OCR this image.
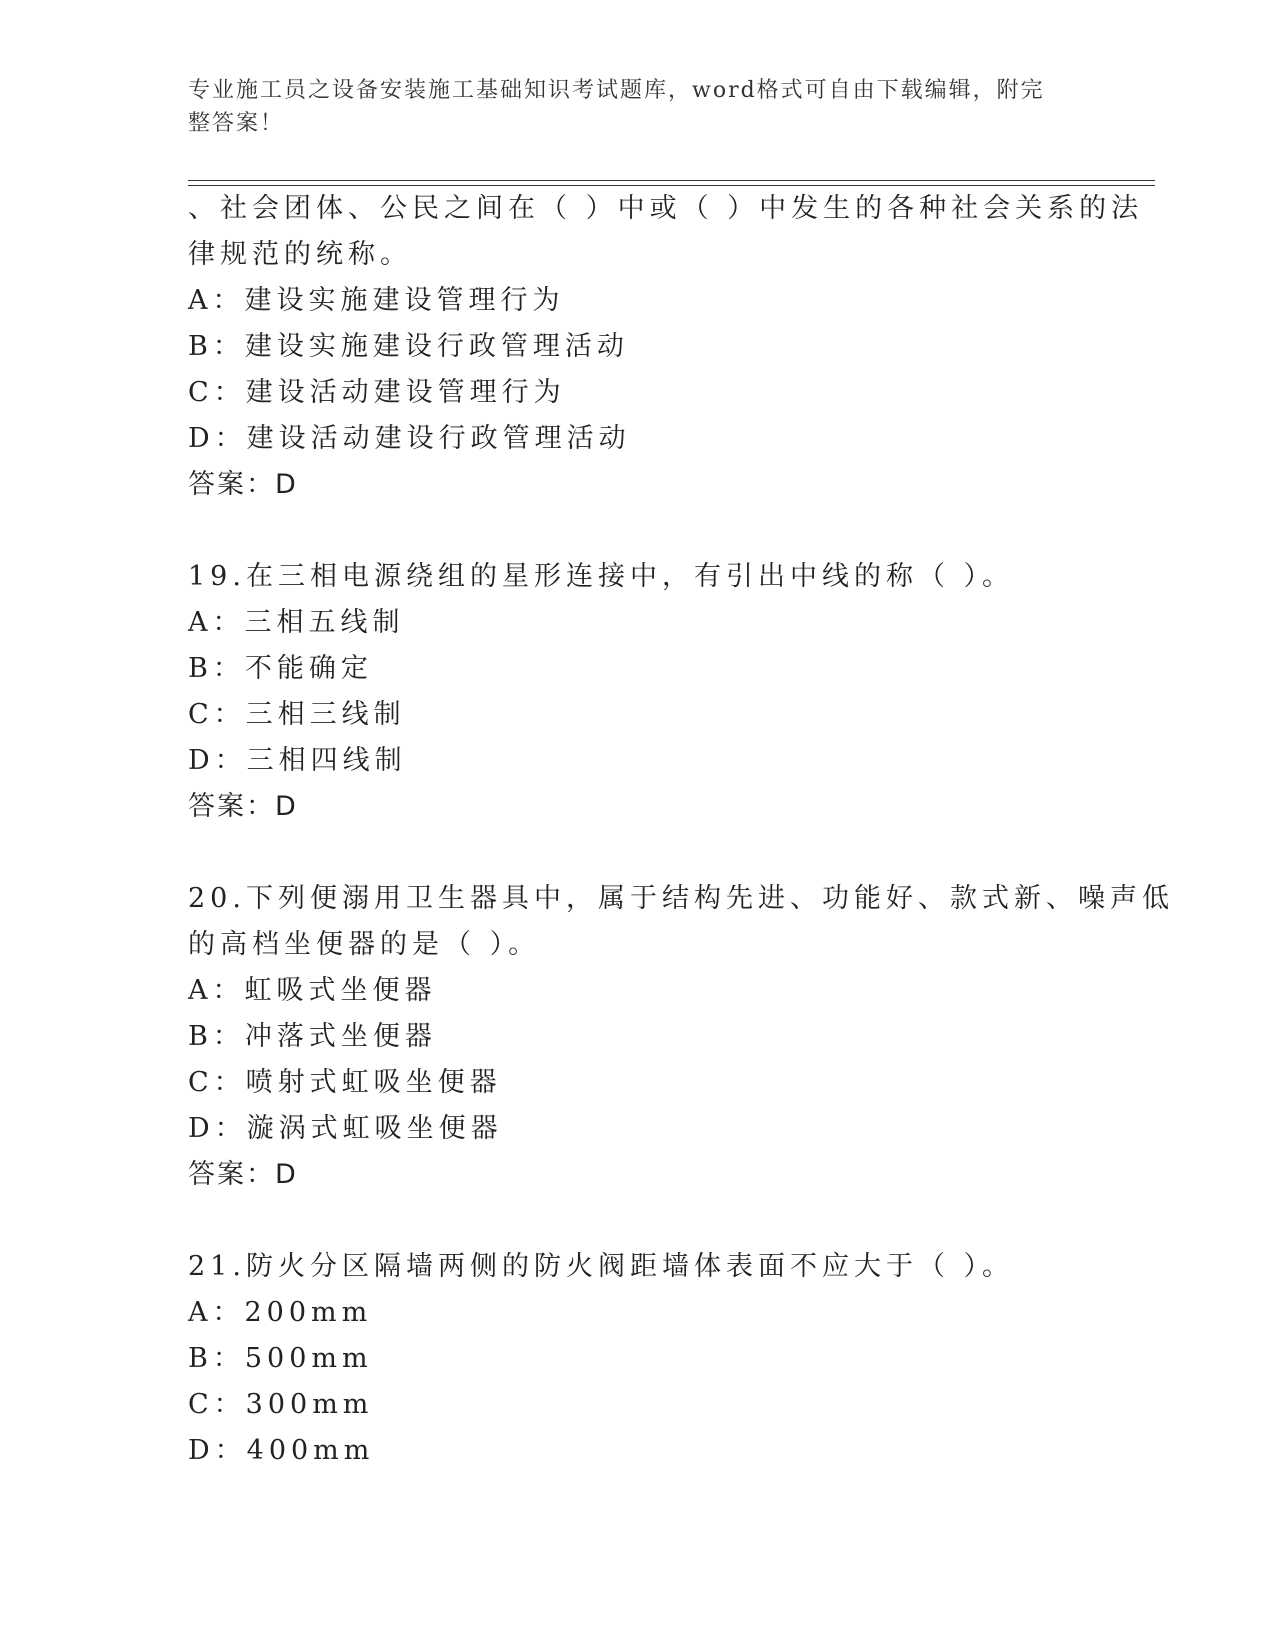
专业施工员之设备安装施工基础知识考试题库，word格式可自由下载编辑，附完
整答案！
、社会团体、公民之间在（ ）中或（ ）中发生的各种社会关系的法
律规范的统称。
A：建设实施建设管理行为
B：建设实施建设行政管理活动
C：建设活动建设管理行为
D：建设活动建设行政管理活动
答案：D
19.在三相电源绕组的星形连接中，有引出中线的称（ ）。
A：三相五线制
B：不能确定
C：三相三线制
D：三相四线制
答案：D
20.下列便溺用卫生器具中，属于结构先进、功能好、款式新、噪声低
的高档坐便器的是（ ）。
A：虹吸式坐便器
B：冲落式坐便器
C：喷射式虹吸坐便器
D：漩涡式虹吸坐便器
答案：D
21.防火分区隔墙两侧的防火阀距墙体表面不应大于（ ）。
A：200mm
B：500mm
C：300mm
D：400mm
